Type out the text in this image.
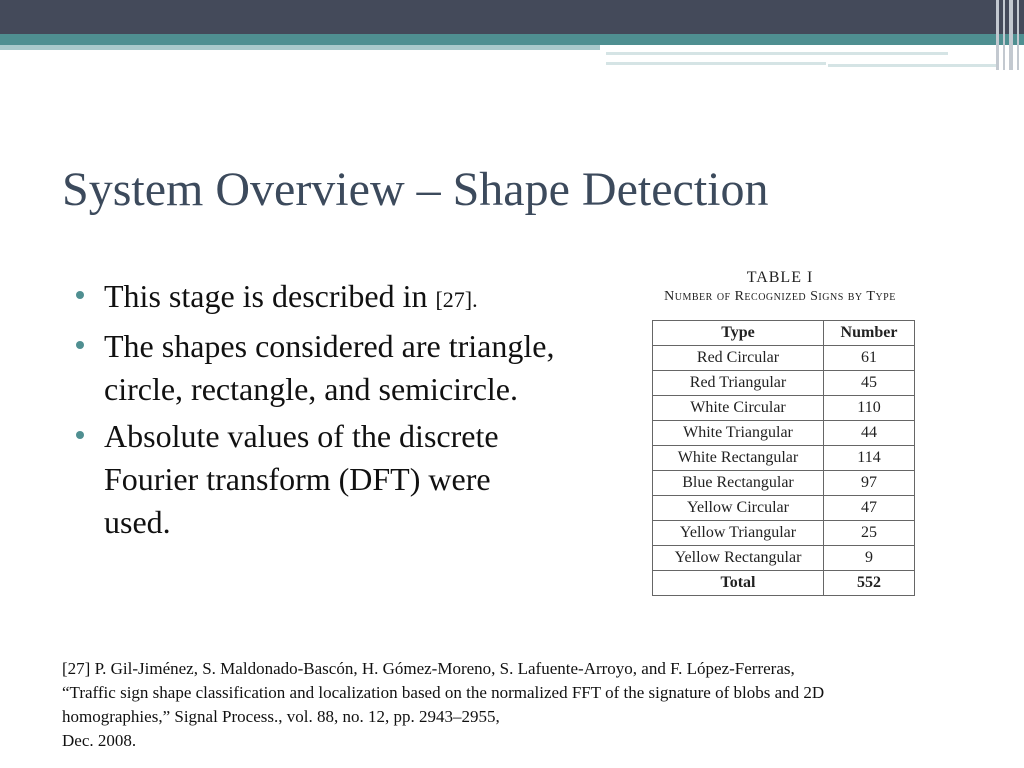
System Overview – Shape Detection
This stage is described in [27].
The shapes considered are triangle, circle, rectangle, and semicircle.
Absolute values of the discrete Fourier transform (DFT) were used.
TABLE I
Number of Recognized Signs by Type
Type	Number
Red Circular	61
Red Triangular	45
White Circular	110
White Triangular	44
White Rectangular	114
Blue Rectangular	97
Yellow Circular	47
Yellow Triangular	25
Yellow Rectangular	9
Total	552
[27] P. Gil-Jiménez, S. Maldonado-Bascón, H. Gómez-Moreno, S. Lafuente-Arroyo, and F. López-Ferreras,
“Traffic sign shape classification and localization based on the normalized FFT of the signature of blobs and 2D
homographies,” Signal Process., vol. 88, no. 12, pp. 2943–2955,
Dec. 2008.
